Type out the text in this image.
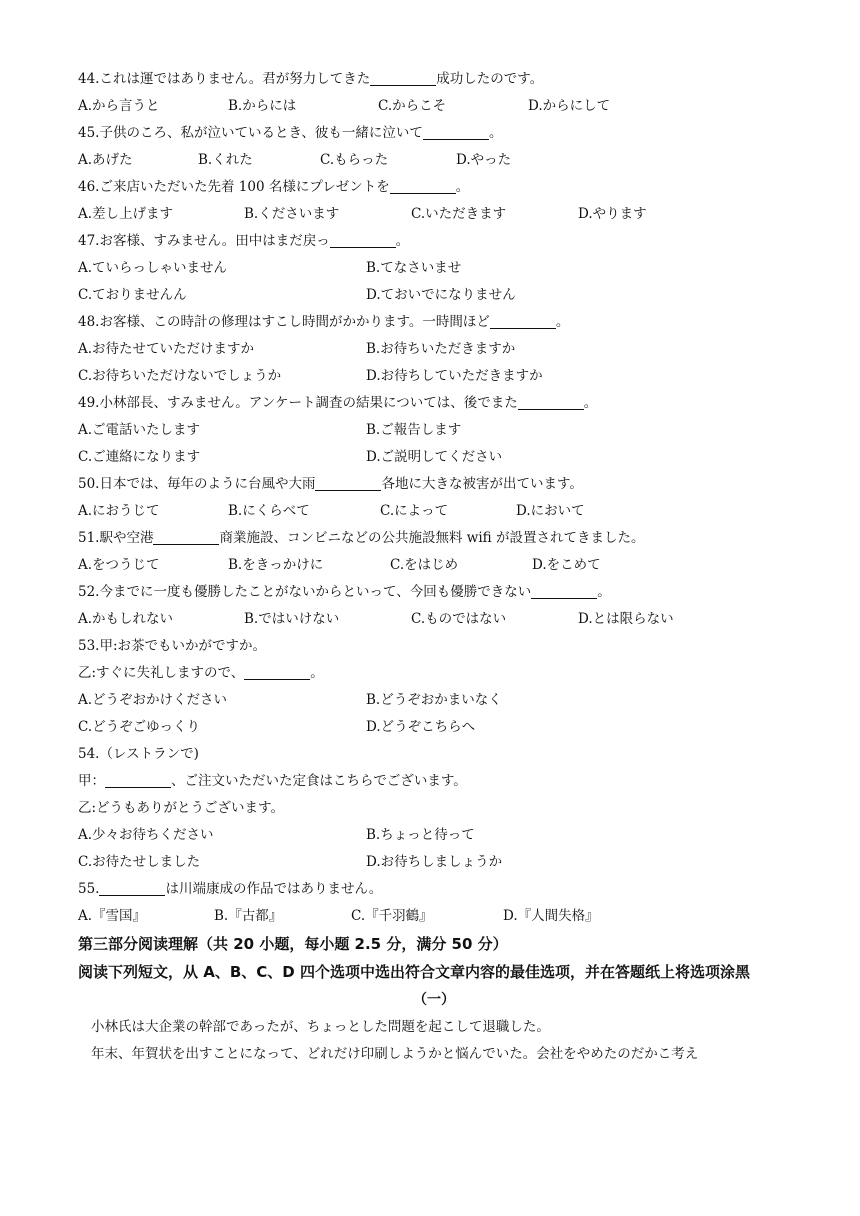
44.これは運ではありません。君が努力してきた	成功したのです。
A.から言うと	B.からには	C.からこそ	D.からにして
45.子供のころ、私が泣いているとき、彼も一緒に泣いて	。
A.あげた	B.くれた	C.もらった	D.やった
46.ご来店いただいた先着 100 名様にプレゼントを	。
A.差し上げます	B.くださいます	C.いただきます	D.やります
47.お客様、すみません。田中はまだ戻っ	。
A.ていらっしゃいません	B.てなさいませ
C.ておりませんん	D.ておいでになりません
48.お客様、この時計の修理はすこし時間がかかります。一時間ほど	。
A.お待たせていただけますか	B.お待ちいただきますか
C.お待ちいただけないでしょうか	D.お待ちしていただきますか
49.小林部長、すみません。アンケート調査の結果については、後でまた	。
A.ご電話いたします	B.ご報告します
C.ご連絡になります	D.ご説明してください
50.日本では、毎年のように台風や大雨	各地に大きな被害が出ています。
A.におうじて	B.にくらべて	C.によって	D.において
51.駅や空港	商業施設、コンビニなどの公共施設無料 wifi が設置されてきました。
A.をつうじて	B.をきっかけに	C.をはじめ	D.をこめて
52.今までに一度も優勝したことがないからといって、今回も優勝できない	。
A.かもしれない	B.ではいけない	C.ものではない	D.とは限らない
53.甲:お茶でもいかがですか。
乙:すぐに失礼しますので、	。
A.どうぞおかけください	B.どうぞおかまいなく
C.どうぞごゆっくり	D.どうぞこちらへ
54.（レストランで)
甲：	、ご注文いただいた定食はこちらでございます。
乙:どうもありがとうございます。
A.少々お待ちください	B.ちょっと待って
C.お待たせしました	D.お待ちしましょうか
55.	は川端康成の作品ではありません。
A.『雪国』	B.『古都』	C.『千羽鶴』	D.『人間失格』
第三部分阅读理解（共 20 小题，每小题 2.5 分，满分 50 分）
阅读下列短文，从 A、B、C、D 四个选项中选出符合文章内容的最佳选项，并在答题纸上将选项涂黑
（一）
小林氏は大企業の幹部であったが、ちょっとした問題を起こして退職した。
年末、年賀状を出すことになって、どれだけ印刷しようかと悩んでいた。会社をやめたのだかこ考え
